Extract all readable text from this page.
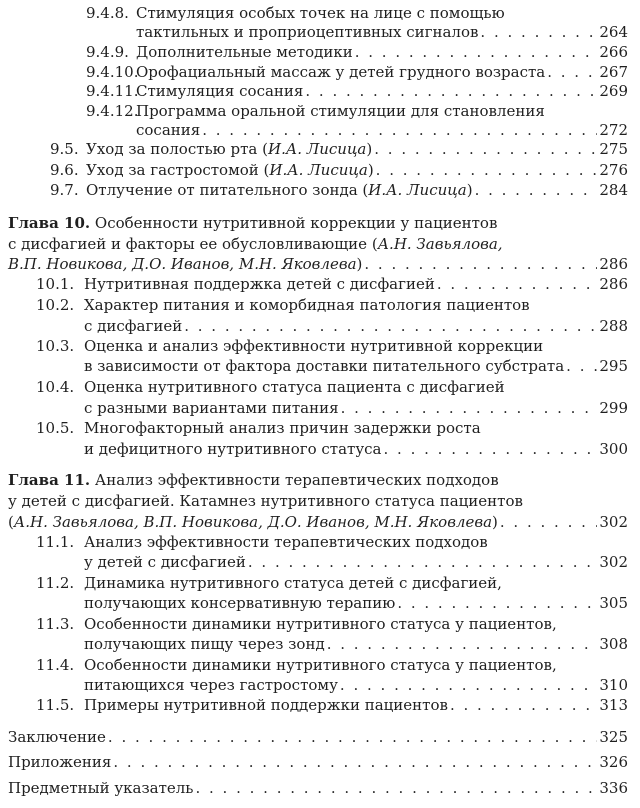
9.4.8. Стимуляция особых точек на лице с помощью
тактильных и проприоцептивных сигналов . . .	264
9.4.9. Дополнительные методики . . .	266
9.4.10.
Орофациальный массаж у детей грудного возраста . . .	267
9.4.11.
Стимуляция сосания . . .	269
9.4.12.Программа оральной стимуляции для становления
сосания . . .	272
9.5. Уход за полостью рта (И.А. Лисица) . . .	275
9.6. Уход за гастростомой (И.А. Лисица) . . .	276
9.7. Отлучение от питательного зонда (И.А. Лисица) . . .	284
Глава 10. Особенности нутритивной коррекции у пациентов
с дисфагией и факторы ее обусловливающие (А.Н. Завьялова,
В.П. Новикова, Д.О. Иванов, М.Н. Яковлева) . . .	286
10.1. Нутритивная поддержка детей с дисфагией . . .	286
10.2. Характер питания и коморбидная патология пациентов
с дисфагией . . .	288
10.3. Оценка и анализ эффективности нутритивной коррекции
в зависимости от фактора доставки питательного субстрата . . . 295
10.4. Оценка нутритивного статуса пациента с дисфагией
с разными вариантами питания . . .	299
10.5. Многофакторный анализ причин задержки роста
и дефицитного нутритивного статуса . . .	300
Глава 11. Анализ эффективности терапевтических подходов
у детей с дисфагией. Катамнез нутритивного статуса пациентов
(А.Н. Завьялова, В.П. Новикова, Д.О. Иванов, М.Н. Яковлева) . . .	302
11.1. Анализ эффективности терапевтических подходов
у детей с дисфагией . . .	302
11.2. Динамика нутритивного статуса детей с дисфагией,
получающих консервативную терапию . . .	305
11.3. Особенности динамики нутритивного статуса у пациентов,
получающих пищу через зонд . . .	308
11.4. Особенности динамики нутритивного статуса у пациентов,
питающихся через гастростому . . .	310
11.5. Примеры нутритивной поддержки пациентов . . .	313
Заключение . . .	325
Приложения . . .	326
Предметный указатель . . .	336
